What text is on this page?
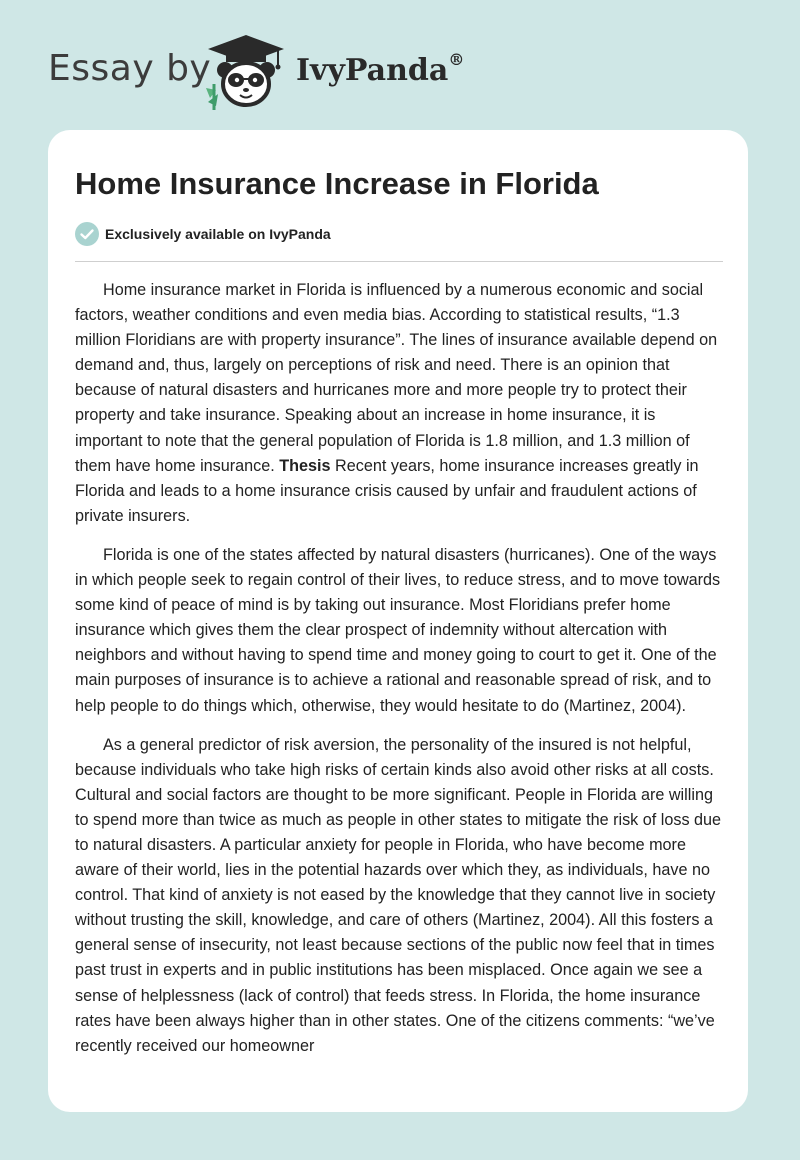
Essay by	IvyPanda®
Home Insurance Increase in Florida
Exclusively available on IvyPanda

Home insurance market in Florida is influenced by a numerous economic and social factors, weather conditions and even media bias. According to statistical results, “1.3 million Floridians are with property insurance”. The lines of insurance available depend on demand and, thus, largely on perceptions of risk and need. There is an opinion that because of natural disasters and hurricanes more and more people try to protect their property and take insurance. Speaking about an increase in home insurance, it is important to note that the general population of Florida is 1.8 million, and 1.3 million of them have home insurance. Thesis Recent years, home insurance increases greatly in Florida and leads to a home insurance crisis caused by unfair and fraudulent actions of private insurers.

Florida is one of the states affected by natural disasters (hurricanes). One of the ways in which people seek to regain control of their lives, to reduce stress, and to move towards some kind of peace of mind is by taking out insurance. Most Floridians prefer home insurance which gives them the clear prospect of indemnity without altercation with neighbors and without having to spend time and money going to court to get it. One of the main purposes of insurance is to achieve a rational and reasonable spread of risk, and to help people to do things which, otherwise, they would hesitate to do (Martinez, 2004).

As a general predictor of risk aversion, the personality of the insured is not helpful, because individuals who take high risks of certain kinds also avoid other risks at all costs. Cultural and social factors are thought to be more significant. People in Florida are willing to spend more than twice as much as people in other states to mitigate the risk of loss due to natural disasters. A particular anxiety for people in Florida, who have become more aware of their world, lies in the potential hazards over which they, as individuals, have no control. That kind of anxiety is not eased by the knowledge that they cannot live in society without trusting the skill, knowledge, and care of others (Martinez, 2004). All this fosters a general sense of insecurity, not least because sections of the public now feel that in times past trust in experts and in public institutions has been misplaced. Once again we see a sense of helplessness (lack of control) that feeds stress. In Florida, the home insurance rates have been always higher than in other states. One of the citizens comments: “we’ve recently received our homeowner
